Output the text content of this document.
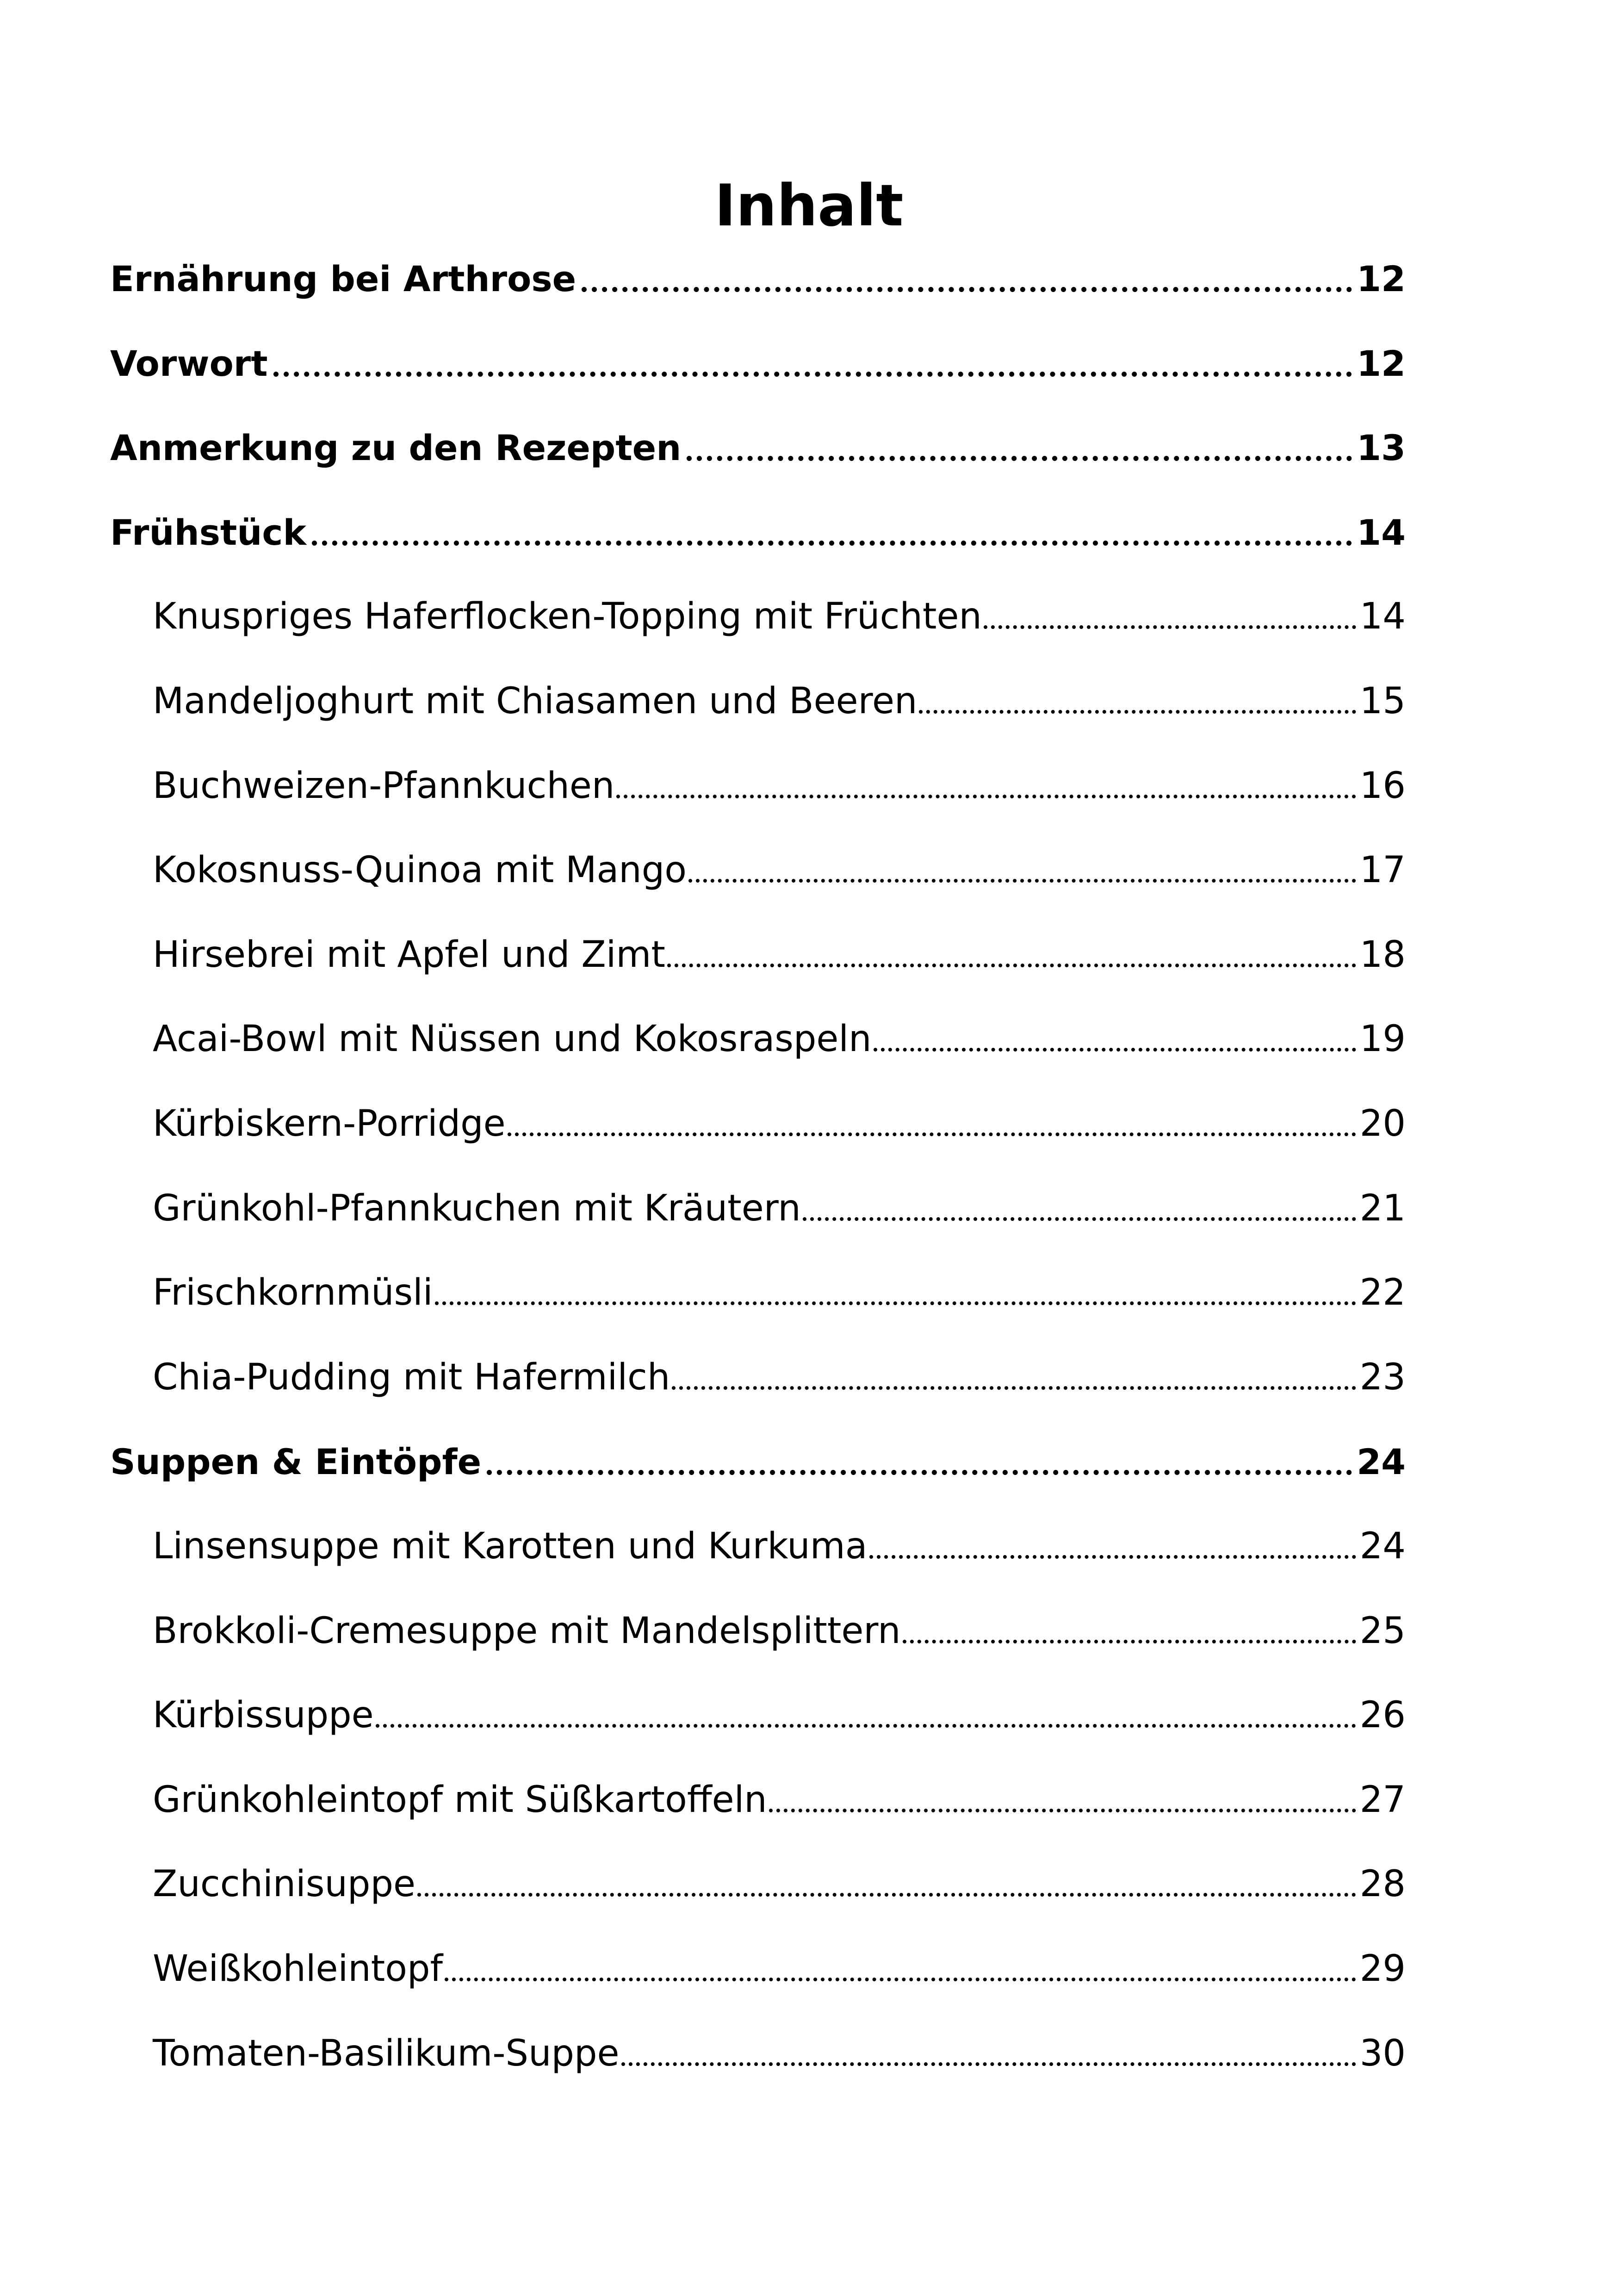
Inhalt
Ernährung bei Arthrose	12
Vorwort	12
Anmerkung zu den Rezepten	13
Frühstück	14
Knuspriges Haferflocken-Topping mit Früchten	14
Mandeljoghurt mit Chiasamen und Beeren	15
Buchweizen-Pfannkuchen	16
Kokosnuss-Quinoa mit Mango	17
Hirsebrei mit Apfel und Zimt	18
Acai-Bowl mit Nüssen und Kokosraspeln	19
Kürbiskern-Porridge	20
Grünkohl-Pfannkuchen mit Kräutern	21
Frischkornmüsli	22
Chia-Pudding mit Hafermilch	23
Suppen & Eintöpfe	24
Linsensuppe mit Karotten und Kurkuma	24
Brokkoli-Cremesuppe mit Mandelsplittern	25
Kürbissuppe	26
Grünkohleintopf mit Süßkartoffeln	27
Zucchinisuppe	28
Weißkohleintopf	29
Tomaten-Basilikum-Suppe	30
